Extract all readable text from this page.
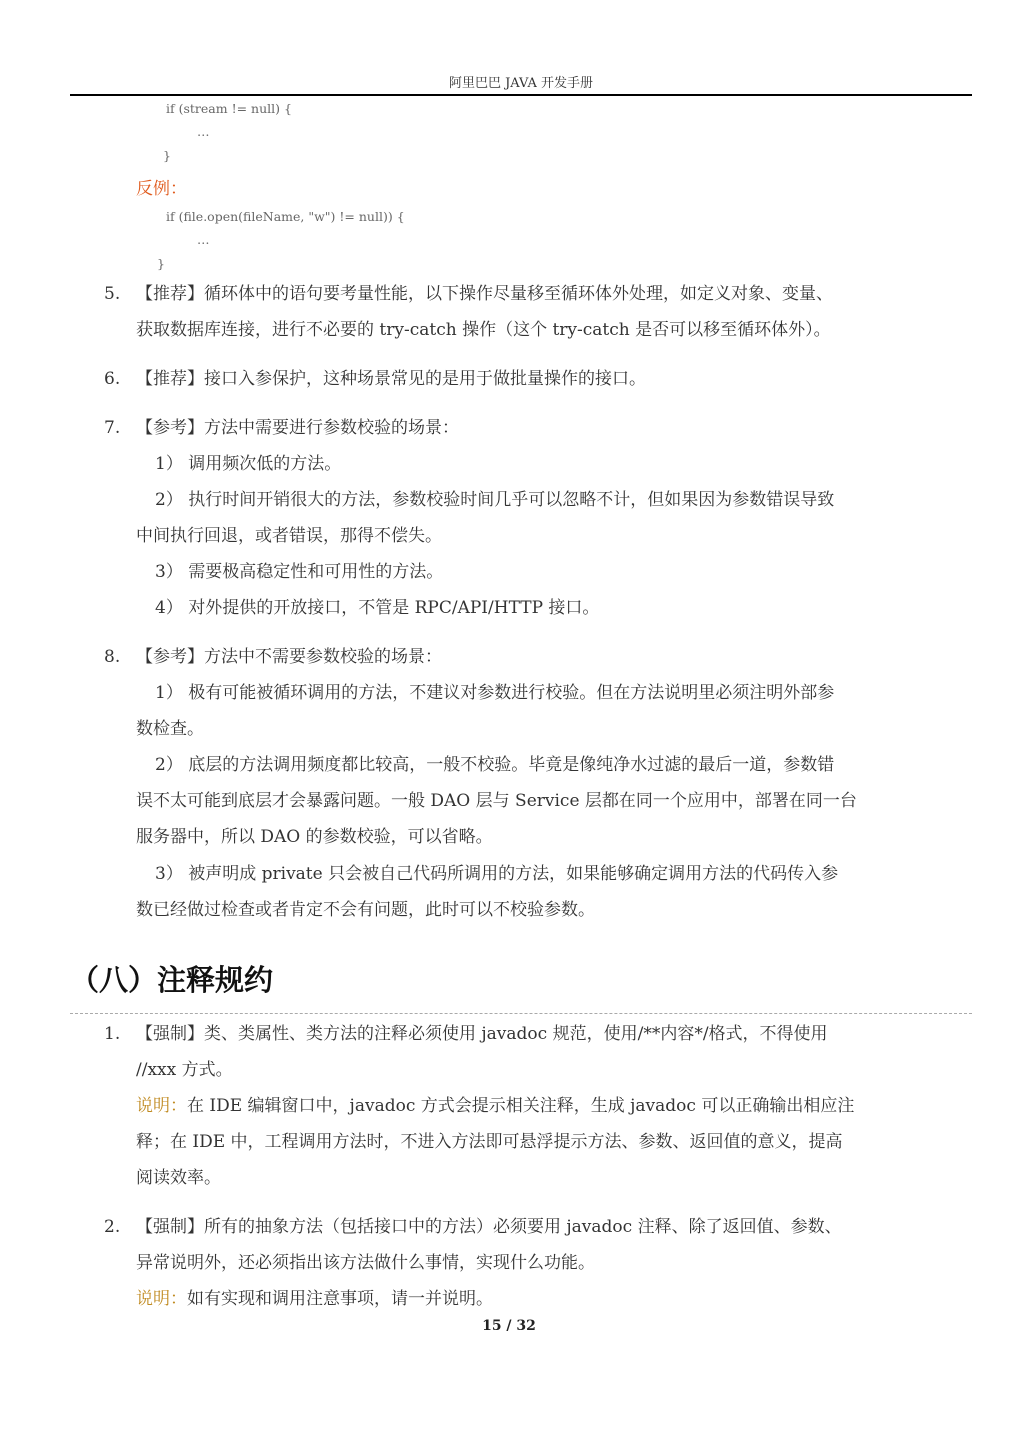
阿里巴巴 JAVA 开发手册
if (stream != null) {
…
}
反例：
if (file.open(fileName, "w") != null)) {
…
}
5. 【推荐】循环体中的语句要考量性能，以下操作尽量移至循环体外处理，如定义对象、变量、
获取数据库连接，进行不必要的 try-catch 操作（这个 try-catch 是否可以移至循环体外）。
6. 【推荐】接口入参保护，这种场景常见的是用于做批量操作的接口。
7. 【参考】方法中需要进行参数校验的场景：
1） 调用频次低的方法。
2） 执行时间开销很大的方法，参数校验时间几乎可以忽略不计，但如果因为参数错误导致
中间执行回退，或者错误，那得不偿失。
3） 需要极高稳定性和可用性的方法。
4） 对外提供的开放接口，不管是 RPC/API/HTTP 接口。
8. 【参考】方法中不需要参数校验的场景：
1） 极有可能被循环调用的方法，不建议对参数进行校验。但在方法说明里必须注明外部参
数检查。
2） 底层的方法调用频度都比较高，一般不校验。毕竟是像纯净水过滤的最后一道，参数错
误不太可能到底层才会暴露问题。一般 DAO 层与 Service 层都在同一个应用中，部署在同一台
服务器中，所以 DAO 的参数校验，可以省略。
3） 被声明成 private 只会被自己代码所调用的方法，如果能够确定调用方法的代码传入参
数已经做过检查或者肯定不会有问题，此时可以不校验参数。
（八）注释规约
1. 【强制】类、类属性、类方法的注释必须使用 javadoc 规范，使用/**内容*/格式，不得使用
//xxx 方式。
说明：在 IDE 编辑窗口中，javadoc 方式会提示相关注释，生成 javadoc 可以正确输出相应注
释；在 IDE 中，工程调用方法时，不进入方法即可悬浮提示方法、参数、返回值的意义，提高
阅读效率。
2. 【强制】所有的抽象方法（包括接口中的方法）必须要用 javadoc 注释、除了返回值、参数、
异常说明外，还必须指出该方法做什么事情，实现什么功能。
说明：如有实现和调用注意事项，请一并说明。
15 / 32
